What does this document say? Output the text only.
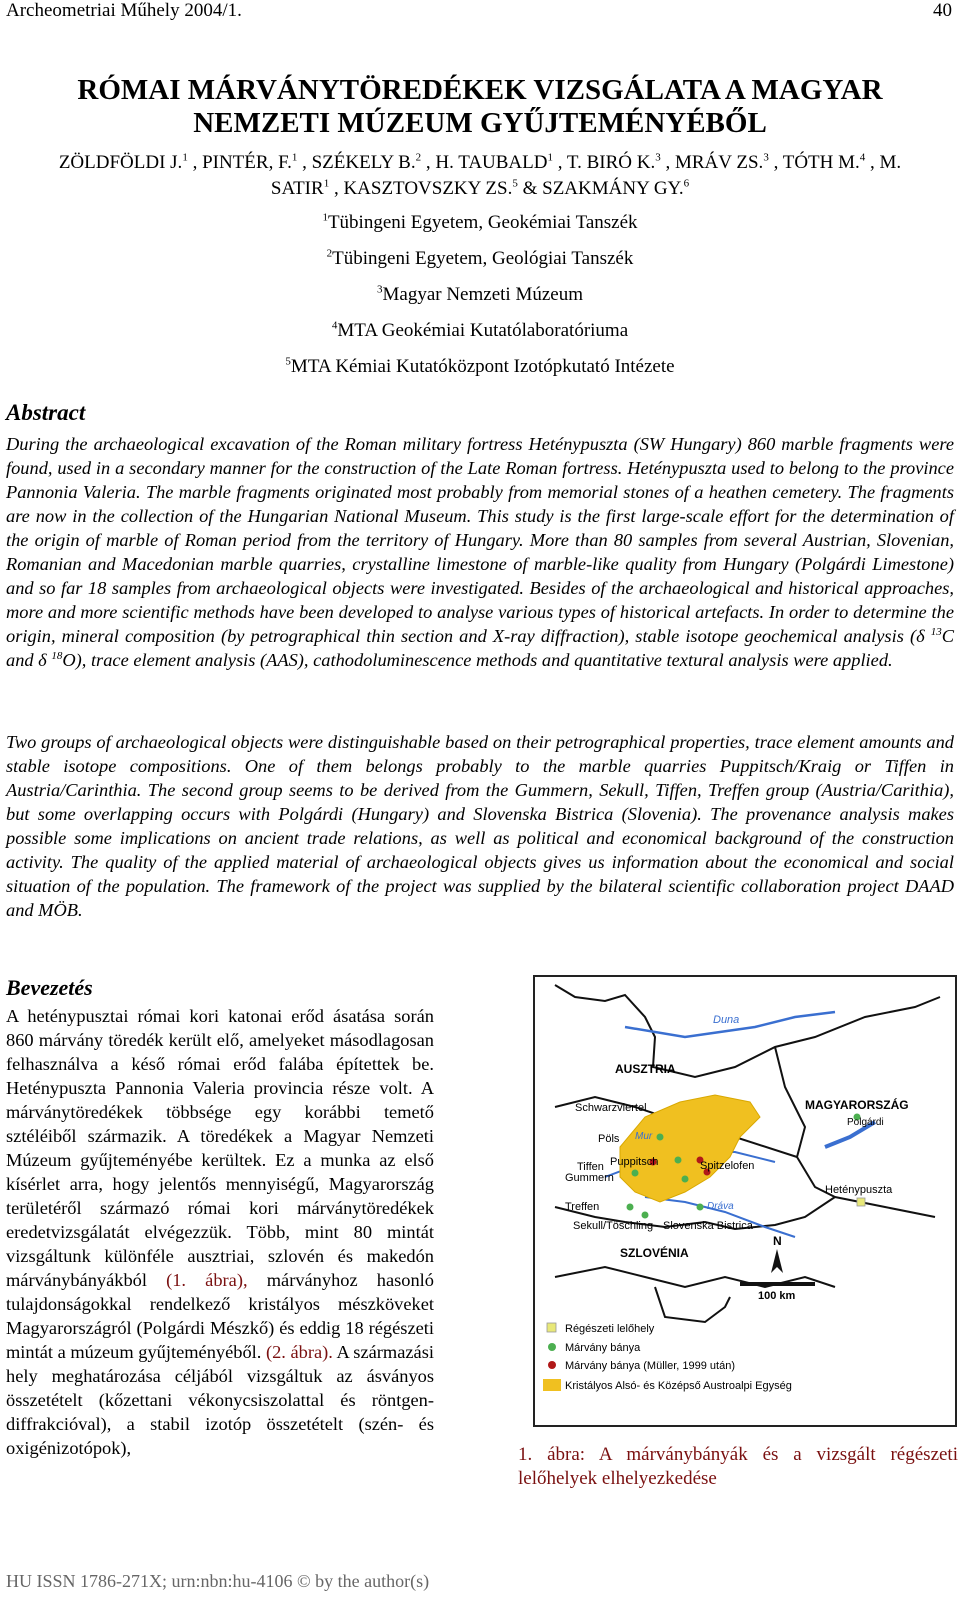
Archeometriai Műhely 2004/1.	40
RÓMAI MÁRVÁNYTÖREDÉKEK VIZSGÁLATA A MAGYAR
NEMZETI MÚZEUM GYŰJTEMÉNYÉBŐL
ZÖLDFÖLDI J.$^1$ , PINTÉR, F.$^1$ , SZÉKELY B.$^2$ , H. TAUBALD$^1$ , T. BIRÓ K.$^3$ , MRÁV ZS.$^3$ , TÓTH M.$^4$ , M.
SATIR$^1$ , KASZTOVSZKY ZS.$^5$ & SZAKMÁNY GY.$^6$
$^1$Tübingeni Egyetem, Geokémiai Tanszék
$^2$Tübingeni Egyetem, Geológiai Tanszék
$^3$Magyar Nemzeti Múzeum
$^4$MTA Geokémiai Kutatólaboratóriuma
$^5$MTA Kémiai Kutatóközpont Izotópkutató Intézete
Abstract

During the archaeological excavation of the Roman military fortress Heténypuszta (SW Hungary) 860 marble fragments were found, used in a secondary manner for the construction of the Late Roman fortress. Heténypuszta used to belong to the province Pannonia Valeria. The marble fragments originated most probably from memorial stones of a heathen cemetery. The fragments are now in the collection of the Hungarian National Museum. This study is the first large-scale effort for the determination of the origin of marble of Roman period from the territory of Hungary. More than 80 samples from several Austrian, Slovenian, Romanian and Macedonian marble quarries, crystalline limestone of marble-like quality from Hungary (Polgárdi Limestone) and so far 18 samples from archaeological objects were investigated. Besides of the archaeological and historical approaches, more and more scientific methods have been developed to analyse various types of historical artefacts. In order to determine the origin, mineral composition (by petrographical thin section and X-ray diffraction), stable isotope geochemical analysis (δ $^{13}$C and δ $^{18}$O), trace element analysis (AAS), cathodoluminescence methods and quantitative textural analysis were applied.

Two groups of archaeological objects were distinguishable based on their petrographical properties, trace element amounts and stable isotope compositions. One of them belongs probably to the marble quarries Puppitsch/Kraig or Tiffen in Austria/Carinthia. The second group seems to be derived from the Gummern, Sekull, Tiffen, Treffen group (Austria/Carithia), but some overlapping occurs with Polgárdi (Hungary) and Slovenska Bistrica (Slovenia). The provenance analysis makes possible some implications on ancient trade relations, as well as political and economical background of the construction activity. The quality of the applied material of archaeological objects gives us information about the economical and social situation of the population. The framework of the project was supplied by the bilateral scientific collaboration project DAAD and MÖB.

Bevezetés
A heténypusztai római kori katonai erőd ásatása során 860 márvány töredék került elő, amelyeket másodlagosan felhasználva a késő római erőd falába építettek be. Heténypuszta Pannonia Valeria provincia része volt. A márványtöredékek többsége egy korábbi temető sztéléiből származik. A töredékek a Magyar Nemzeti Múzeum gyűjteményébe kerültek. Ez a munka az első kísérlet arra, hogy jelentős mennyiségű, Magyarország területéről származó római kori márványtöredékek eredetvizsgálatát elvégezzük. Több, mint 80 mintát vizsgáltunk különféle ausztriai, szlovén és makedón márványbányákból (1. ábra), márványhoz hasonló tulajdonságokkal rendelkező kristályos mészköveket Magyarországról (Polgárdi Mészkő) és eddig 18 régészeti mintát a múzeum gyűjteményéből. (2. ábra). A származási hely meghatározása céljából vizsgáltuk az ásványos összetételt (kőzettani vékonycsiszolattal és röntgen-diffrakcióval), a stabil izotóp összetételt (szén- és oxigénizotópok),
Duna
AUSZTRIA
MAGYARORSZÁG
Polgárdi
Schwarzviertel
Pöls Mur
Puppitsch
Tiffen
Gummern
Spitzelofen
Treffen	Dráva
Heténypuszta
Sekull/Töschling Slovenska Bistrica
SZLOVÉNIA
N
100 km
Régészeti lelőhely
Márvány bánya
Márvány bánya (Müller, 1999 után)
Kristályos Alsó- és Középső Austroalpi Egység
1. ábra: A márványbányák és a vizsgált régészeti lelőhelyek elhelyezkedése
HU ISSN 1786-271X; urn:nbn:hu-4106 © by the author(s)
